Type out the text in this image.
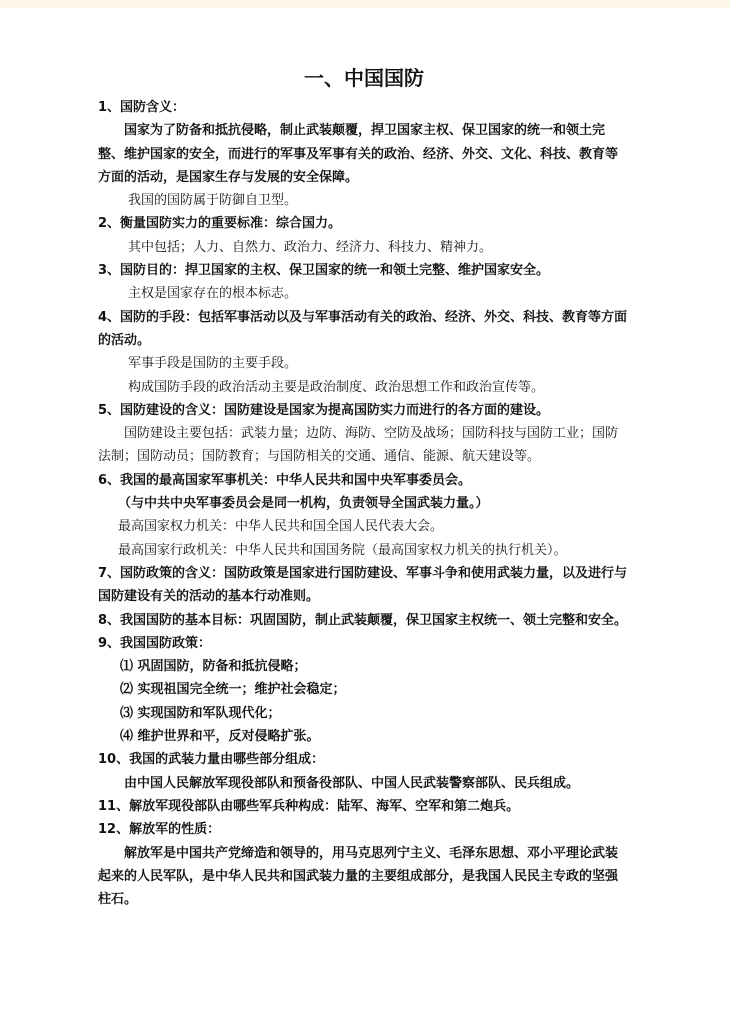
一、中国国防

1、国防含义：

国家为了防备和抵抗侵略，制止武装颠覆，捍卫国家主权、保卫国家的统一和领土完整、维护国家的安全，而进行的军事及军事有关的政治、经济、外交、文化、科技、教育等方面的活动，是国家生存与发展的安全保障。

我国的国防属于防御自卫型。

2、衡量国防实力的重要标准：综合国力。

其中包括；人力、自然力、政治力、经济力、科技力、精神力。

3、国防目的：捍卫国家的主权、保卫国家的统一和领土完整、维护国家安全。

主权是国家存在的根本标志。

4、国防的手段：包括军事活动以及与军事活动有关的政治、经济、外交、科技、教育等方面的活动。

军事手段是国防的主要手段。

构成国防手段的政治活动主要是政治制度、政治思想工作和政治宣传等。

5、国防建设的含义：国防建设是国家为提高国防实力而进行的各方面的建设。

国防建设主要包括：武装力量；边防、海防、空防及战场；国防科技与国防工业；国防法制；国防动员；国防教育；与国防相关的交通、通信、能源、航天建设等。

6、我国的最高国家军事机关：中华人民共和国中央军事委员会。

（与中共中央军事委员会是同一机构，负责领导全国武装力量。）

最高国家权力机关：中华人民共和国全国人民代表大会。

最高国家行政机关：中华人民共和国国务院（最高国家权力机关的执行机关）。

7、国防政策的含义：国防政策是国家进行国防建设、军事斗争和使用武装力量，以及进行与国防建设有关的活动的基本行动准则。

8、我国国防的基本目标：巩固国防，制止武装颠覆，保卫国家主权统一、领土完整和安全。

9、我国国防政策：

⑴ 巩固国防，防备和抵抗侵略；

⑵ 实现祖国完全统一；维护社会稳定；

⑶ 实现国防和军队现代化；

⑷ 维护世界和平，反对侵略扩张。

10、我国的武装力量由哪些部分组成：

由中国人民解放军现役部队和预备役部队、中国人民武装警察部队、民兵组成。

11、解放军现役部队由哪些军兵种构成：陆军、海军、空军和第二炮兵。

12、解放军的性质：

解放军是中国共产党缔造和领导的，用马克思列宁主义、毛泽东思想、邓小平理论武装起来的人民军队，是中华人民共和国武装力量的主要组成部分，是我国人民民主专政的坚强柱石。
